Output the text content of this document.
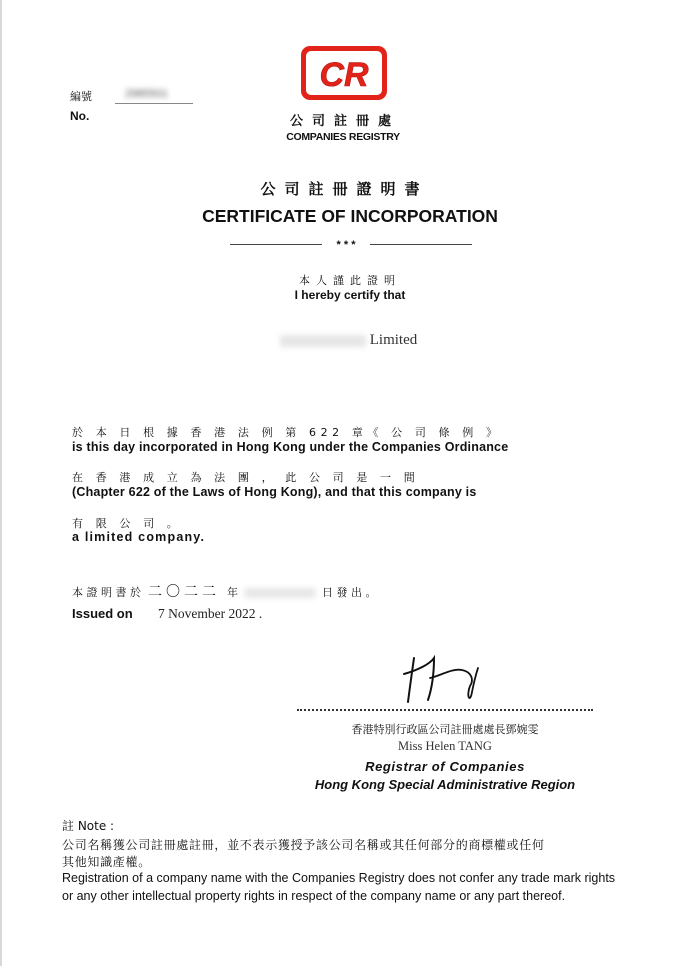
編號	2985501
No.
CR
公司註冊處
COMPANIES REGISTRY
公司註冊證明書
CERTIFICATE OF INCORPORATION
* * *
本人謹此證明
I hereby certify that
Limited
於 本 日 根 據 香 港 法 例 第 622 章《 公 司 條 例 》
is this day incorporated in Hong Kong under the Companies Ordinance
在 香 港 成 立 為 法 團 ， 此 公 司 是 一 間
(Chapter 622 of the Laws of Hong Kong), and that this company is
有 限 公 司 。
a limited company.
本 證 明 書 於 二〇二二 年	日 發 出 。
Issued on 7 November 2022 .
香港特別行政區公司註冊處處長鄧婉雯
Miss Helen TANG
Registrar of Companies
Hong Kong Special Administrative Region
註 Note :
公司名稱獲公司註冊處註冊，並不表示獲授予該公司名稱或其任何部分的商標權或任何
其他知識產權。
Registration of a company name with the Companies Registry does not confer any trade mark rights
or any other intellectual property rights in respect of the company name or any part thereof.
